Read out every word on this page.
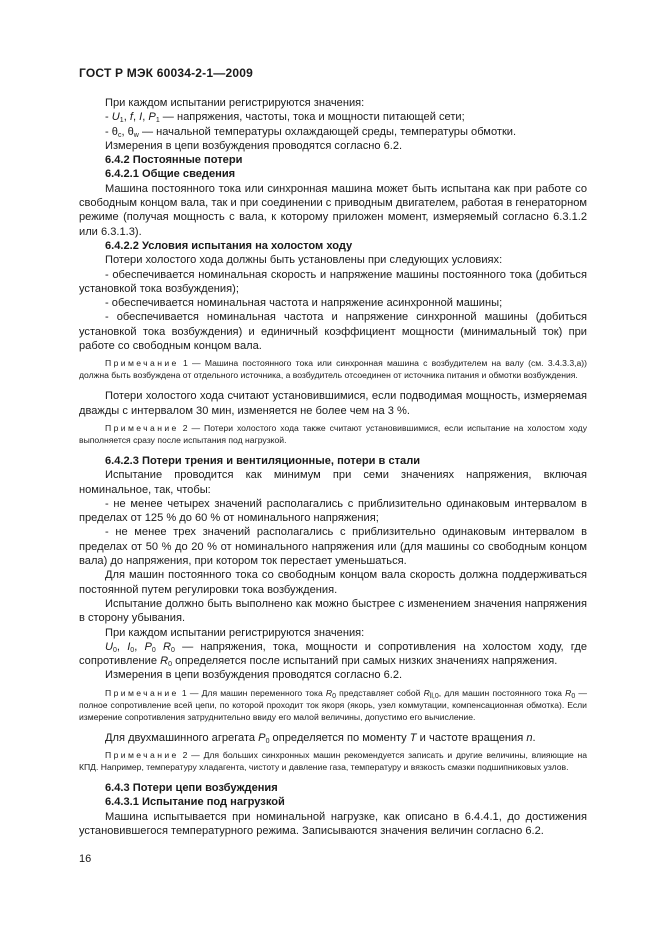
ГОСТ Р МЭК 60034-2-1—2009

При каждом испытании регистрируются значения:

- $U_1$, f, I, $P_1$ — напряжения, частоты, тока и мощности питающей сети;

- $\theta_c$, $\theta_w$ — начальной температуры охлаждающей среды, температуры обмотки.

Измерения в цепи возбуждения проводятся согласно 6.2.

6.4.2 Постоянные потери

6.4.2.1 Общие сведения

Машина постоянного тока или синхронная машина может быть испытана как при работе со свободным концом вала, так и при соединении с приводным двигателем, работая в генераторном режиме (получая мощность с вала, к которому приложен момент, измеряемый согласно 6.3.1.2 или 6.3.1.3).

6.4.2.2 Условия испытания на холостом ходу

Потери холостого хода должны быть установлены при следующих условиях:

- обеспечивается номинальная скорость и напряжение машины постоянного тока (добиться установкой тока возбуждения);

- обеспечивается номинальная частота и напряжение асинхронной машины;

- обеспечивается номинальная частота и напряжение синхронной машины (добиться установкой тока возбуждения) и единичный коэффициент мощности (минимальный ток) при работе со свободным концом вала.

Примечание 1 — Машина постоянного тока или синхронная машина с возбудителем на валу (см. 3.4.3.3,а)) должна быть возбуждена от отдельного источника, а возбудитель отсоединен от источника питания и обмотки возбуждения.

Потери холостого хода считают установившимися, если подводимая мощность, измеряемая дважды с интервалом 30 мин, изменяется не более чем на 3 %.

Примечание 2 — Потери холостого хода также считают установившимися, если испытание на холостом ходу выполняется сразу после испытания под нагрузкой.

6.4.2.3 Потери трения и вентиляционные, потери в стали

Испытание проводится как минимум при семи значениях напряжения, включая номинальное, так, чтобы:

- не менее четырех значений располагались с приблизительно одинаковым интервалом в пределах от 125 % до 60 % от номинального напряжения;

- не менее трех значений располагались с приблизительно одинаковым интервалом в пределах от 50 % до 20 % от номинального напряжения или (для машины со свободным концом вала) до напряжения, при котором ток перестает уменьшаться.

Для машин постоянного тока со свободным концом вала скорость должна поддерживаться постоянной путем регулировки тока возбуждения.

Испытание должно быть выполнено как можно быстрее с изменением значения напряжения в сторону убывания.

При каждом испытании регистрируются значения:

$U_0$, $I_0$, $P_0$ $R_0$ — напряжения, тока, мощности и сопротивления на холостом ходу, где сопротивление $R_0$ определяется после испытаний при самых низких значениях напряжения.

Измерения в цепи возбуждения проводятся согласно 6.2.

Примечание 1 — Для машин переменного тока $R_0$ представляет собой $R_{ll,0}$, для машин постоянного тока $R_0$ — полное сопротивление всей цепи, по которой проходит ток якоря (якорь, узел коммутации, компенсационная обмотка). Если измерение сопротивления затруднительно ввиду его малой величины, допустимо его вычисление.

Для двухмашинного агрегата $P_0$ определяется по моменту T и частоте вращения n.

Примечание 2 — Для больших синхронных машин рекомендуется записать и другие величины, влияющие на КПД. Например, температуру хладагента, чистоту и давление газа, температуру и вязкость смазки подшипниковых узлов.

6.4.3 Потери цепи возбуждения

6.4.3.1 Испытание под нагрузкой

Машина испытывается при номинальной нагрузке, как описано в 6.4.4.1, до достижения установившегося температурного режима. Записываются значения величин согласно 6.2.

16
